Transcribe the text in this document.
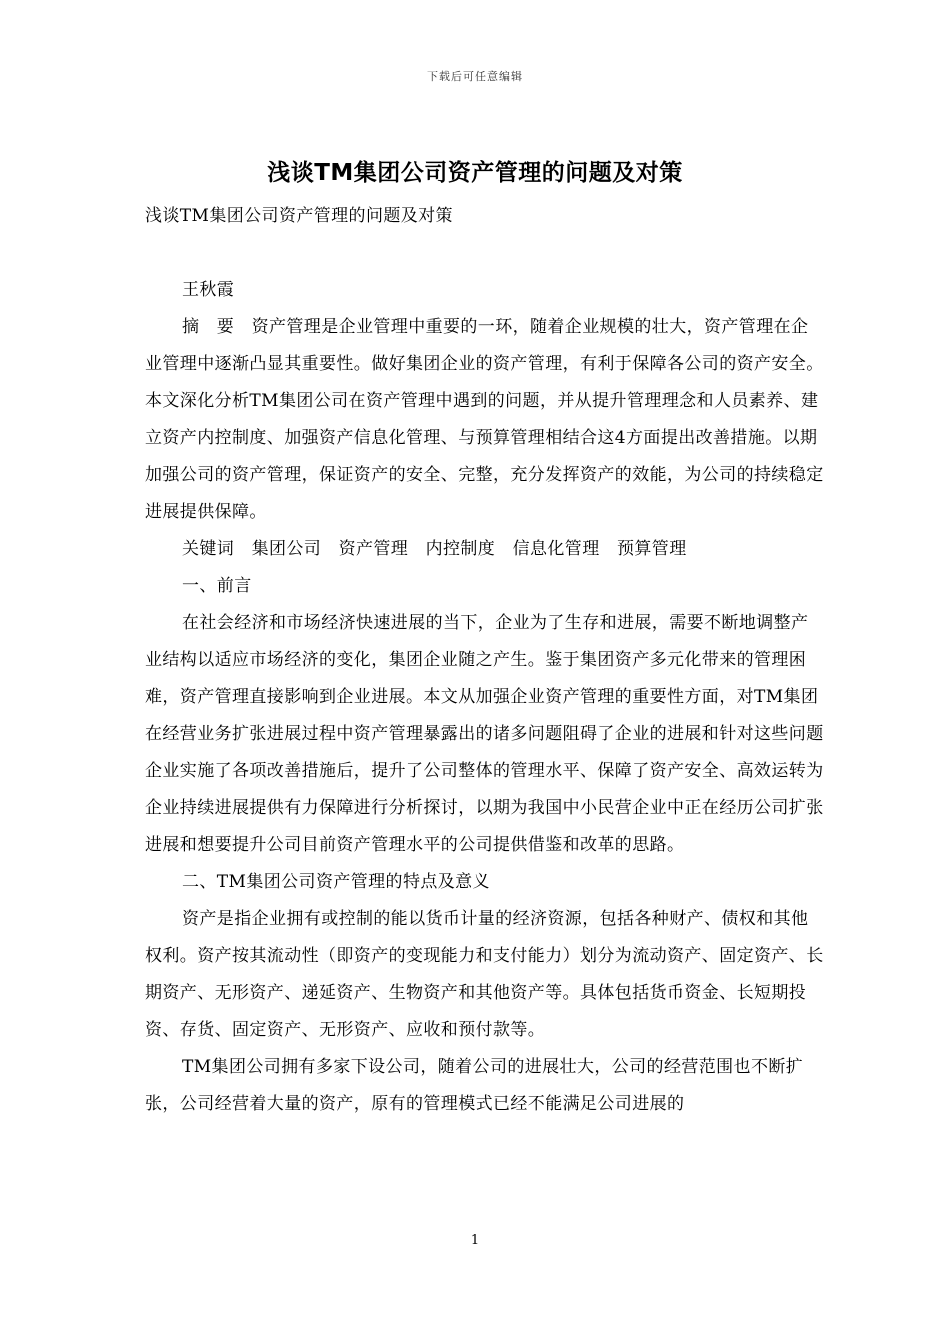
下载后可任意编辑
浅谈TM集团公司资产管理的问题及对策

浅谈TM集团公司资产管理的问题及对策

王秋霞

摘　要　资产管理是企业管理中重要的一环，随着企业规模的壮大，资产管理在企业管理中逐渐凸显其重要性。做好集团企业的资产管理，有利于保障各公司的资产安全。本文深化分析TM集团公司在资产管理中遇到的问题，并从提升管理理念和人员素养、建立资产内控制度、加强资产信息化管理、与预算管理相结合这4方面提出改善措施。以期加强公司的资产管理，保证资产的安全、完整，充分发挥资产的效能，为公司的持续稳定进展提供保障。

关键词　集团公司　资产管理　内控制度　信息化管理　预算管理

一、前言

在社会经济和市场经济快速进展的当下，企业为了生存和进展，需要不断地调整产业结构以适应市场经济的变化，集团企业随之产生。鉴于集团资产多元化带来的管理困难，资产管理直接影响到企业进展。本文从加强企业资产管理的重要性方面，对TM集团在经营业务扩张进展过程中资产管理暴露出的诸多问题阻碍了企业的进展和针对这些问题企业实施了各项改善措施后，提升了公司整体的管理水平、保障了资产安全、高效运转为企业持续进展提供有力保障进行分析探讨，以期为我国中小民营企业中正在经历公司扩张进展和想要提升公司目前资产管理水平的公司提供借鉴和改革的思路。

二、TM集团公司资产管理的特点及意义

资产是指企业拥有或控制的能以货币计量的经济资源，包括各种财产、债权和其他权利。资产按其流动性（即资产的变现能力和支付能力）划分为流动资产、固定资产、长期资产、无形资产、递延资产、生物资产和其他资产等。具体包括货币资金、长短期投资、存货、固定资产、无形资产、应收和预付款等。

TM集团公司拥有多家下设公司，随着公司的进展壮大，公司的经营范围也不断扩张，公司经营着大量的资产，原有的管理模式已经不能满足公司进展的

1
